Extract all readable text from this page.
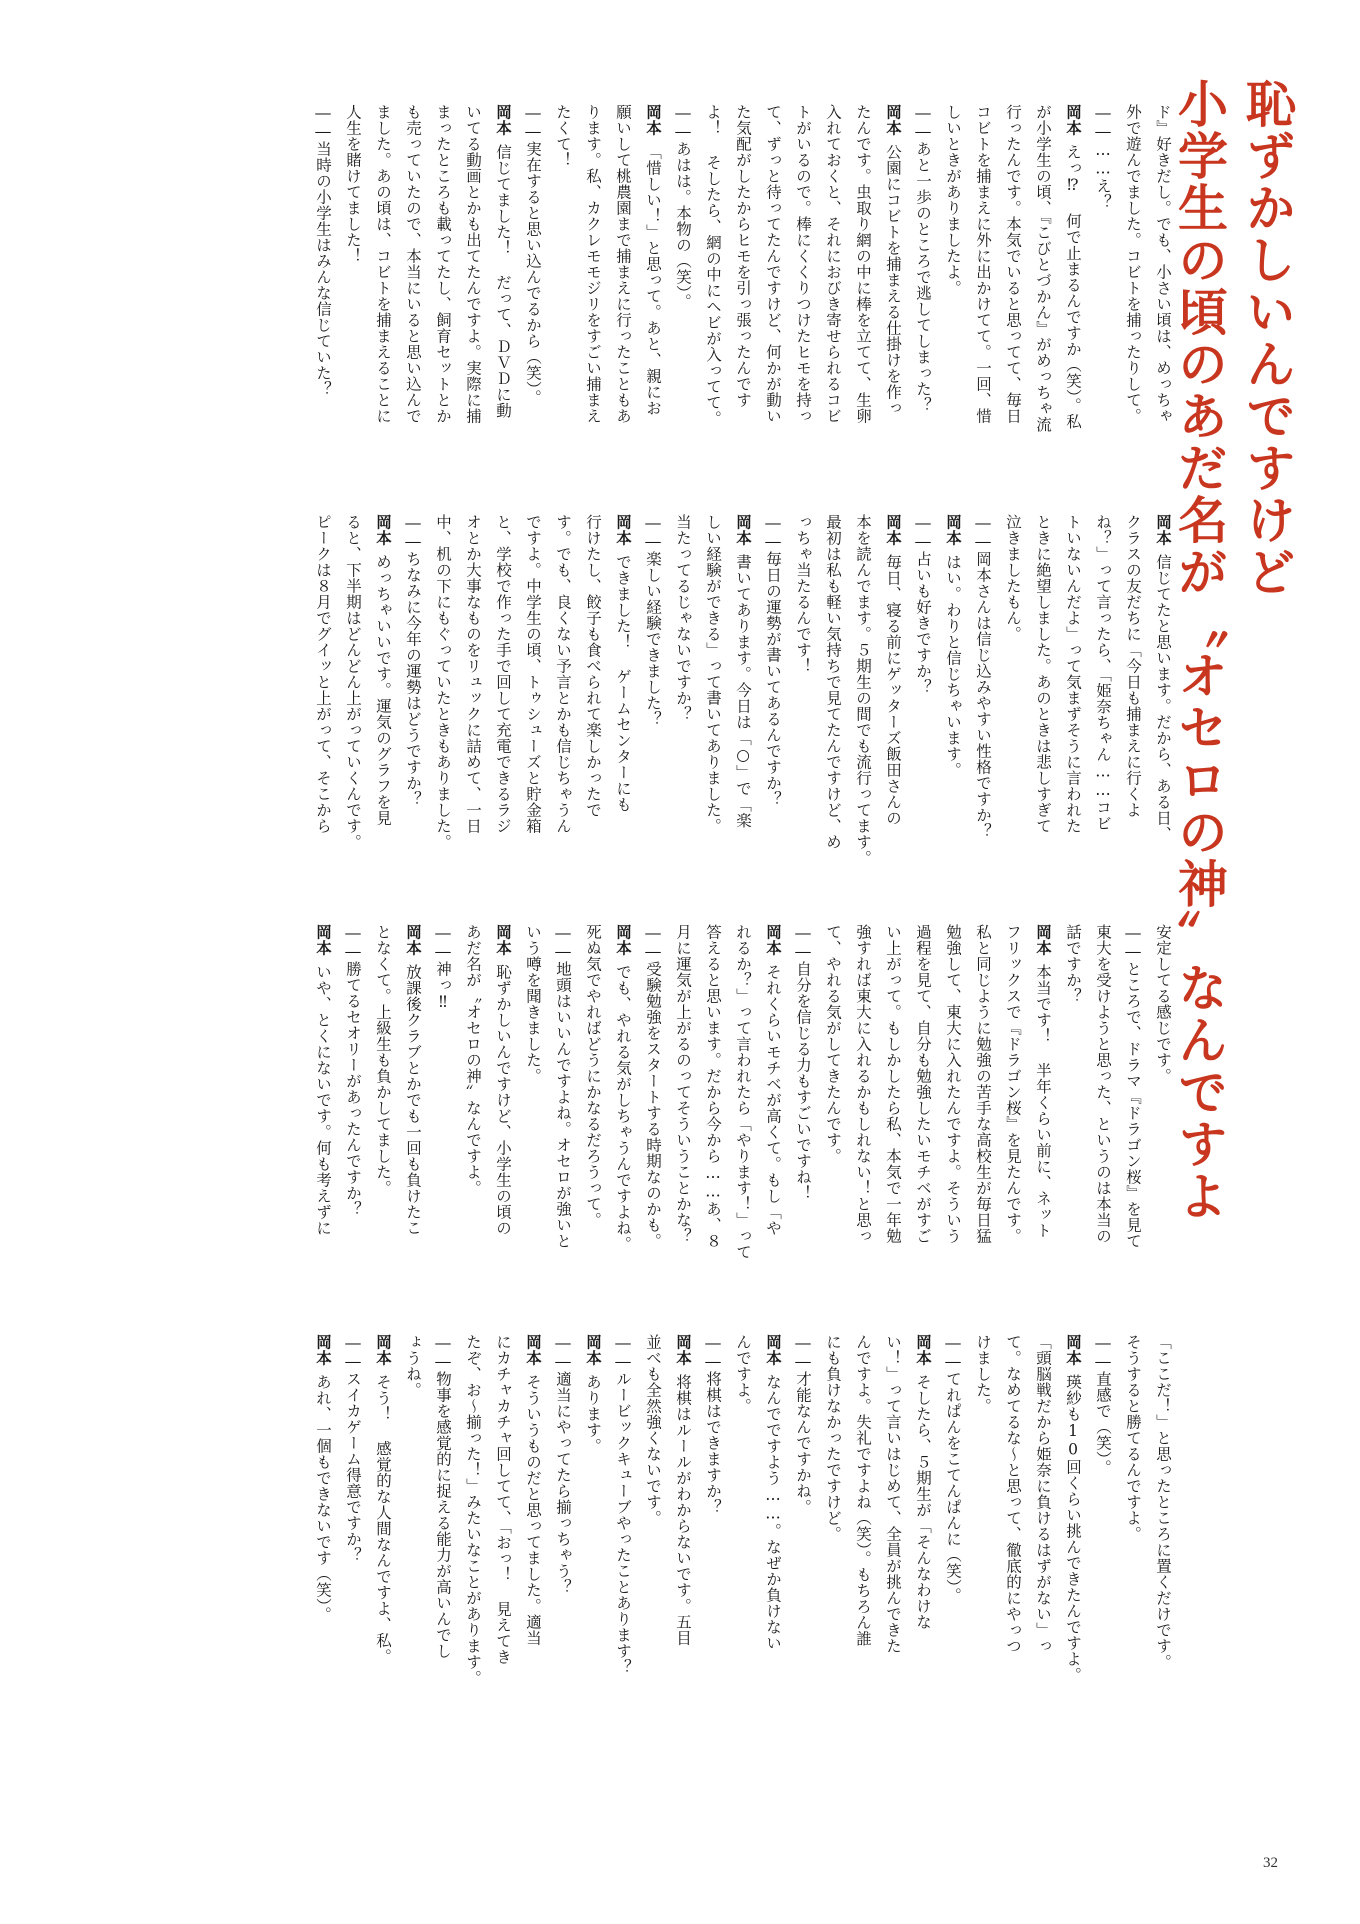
恥ずかしいんですけど
小学生の頃のあだ名が〝オセロの神〟なんですよ
ド』好きだし。でも、小さい頃は、めっちゃ
外で遊んでました。コビトを捕ったりして。
――……え？
岡本えっ⁉ 何で止まるんですか（笑）。私
が小学生の頃、『こびとづかん』がめっちゃ流
行ったんです。本気でいると思ってて、毎日
コビトを捕まえに外に出かけてて。一回、惜
しいときがありましたよ。
――あと一歩のところで逃してしまった？
岡本公園にコビトを捕まえる仕掛けを作っ
たんです。虫取り網の中に棒を立てて、生卵
入れておくと、それにおびき寄せられるコビ
トがいるので。棒にくくりつけたヒモを持っ
て、ずっと待ってたんですけど、何かが動い
た気配がしたからヒモを引っ張ったんです
よ！ そしたら、網の中にヘビが入ってて。
――あはは。本物の（笑）。
岡本「惜しい！」と思って。あと、親にお
願いして桃農園まで捕まえに行ったこともあ
ります。私、カクレモモジリをすごい捕まえ
たくて！
――実在すると思い込んでるから（笑）。
岡本信じてました！ だって、ＤＶＤに動
いてる動画とかも出てたんですよ。実際に捕
まったところも載ってたし、飼育セットとか
も売っていたので、本当にいると思い込んで
ました。あの頃は、コビトを捕まえることに
人生を賭けてました！
――当時の小学生はみんな信じていた？
岡本信じてたと思います。だから、ある日、
クラスの友だちに「今日も捕まえに行くよ
ね？」って言ったら、「姫奈ちゃん……コビ
トいないんだよ」って気まずそうに言われた
ときに絶望しました。あのときは悲しすぎて
泣きましたもん。
――岡本さんは信じ込みやすい性格ですか？
岡本はい。わりと信じちゃいます。
――占いも好きですか？
岡本毎日、寝る前にゲッターズ飯田さんの
本を読んでます。５期生の間でも流行ってます。
最初は私も軽い気持ちで見てたんですけど、め
っちゃ当たるんです！
――毎日の運勢が書いてあるんですか？
岡本書いてあります。今日は「○」で「楽
しい経験ができる」って書いてありました。
当たってるじゃないですか？
――楽しい経験できました？
岡本できました！ ゲームセンターにも
行けたし、餃子も食べられて楽しかったで
す。でも、良くない予言とかも信じちゃうん
ですよ。中学生の頃、トゥシューズと貯金箱
と、学校で作った手で回して充電できるラジ
オとか大事なものをリュックに詰めて、一日
中、机の下にもぐっていたときもありました。
――ちなみに今年の運勢はどうですか？
岡本めっちゃいいです。運気のグラフを見
ると、下半期はどんどん上がっていくんです。
ピークは８月でグイッと上がって、そこから
安定してる感じです。
――ところで、ドラマ『ドラゴン桜』を見て
東大を受けようと思った、というのは本当の
話ですか？
岡本本当です！ 半年くらい前に、ネット
フリックスで『ドラゴン桜』を見たんです。
私と同じように勉強の苦手な高校生が毎日猛
勉強して、東大に入れたんですよ。そういう
過程を見て、自分も勉強したいモチベがすご
い上がって。もしかしたら私、本気で一年勉
強すれば東大に入れるかもしれない！と思っ
て、やれる気がしてきたんです。
――自分を信じる力もすごいですね！
岡本それくらいモチベが高くて。もし「や
れるか？」って言われたら「やります！」って
答えると思います。だから今から……あ、８
月に運気が上がるのってそういうことかな？
――受験勉強をスタートする時期なのかも。
岡本でも、やれる気がしちゃうんですよね。
死ぬ気でやればどうにかなるだろうって。
――地頭はいいんですよね。オセロが強いと
いう噂を聞きました。
岡本恥ずかしいんですけど、小学生の頃の
あだ名が〝オセロの神〟なんですよ。
――神っ‼
岡本放課後クラブとかでも一回も負けたこ
となくて。上級生も負かしてました。
――勝てるセオリーがあったんですか？
岡本いや、とくにないです。何も考えずに
「ここだ！」と思ったところに置くだけです。
そうすると勝てるんですよ。
――直感で（笑）。
岡本瑛紗も10回くらい挑んできたんですよ。
「頭脳戦だから姫奈に負けるはずがない」っ
て。なめてるな〜と思って、徹底的にやっつ
けました。
――てれぱんをこてんぱんに（笑）。
岡本そしたら、５期生が「そんなわけな
い！」って言いはじめて、全員が挑んできた
んですよ。失礼ですよね（笑）。もちろん誰
にも負けなかったですけど。
――才能なんですかね。
岡本なんでですよう……。なぜか負けない
んですよ。
――将棋はできますか？
岡本将棋はルールがわからないです。五目
並べも全然強くないです。
――ルービックキューブやったことあります？
岡本あります。
――適当にやってたら揃っちゃう？
岡本そういうものだと思ってました。適当
にカチャカチャ回してて、「おっ！ 見えてき
たぞ、お〜揃った！」みたいなことがあります。
――物事を感覚的に捉える能力が高いんでし
ょうね。
岡本そう！ 感覚的な人間なんですよ、私。
――スイカゲーム得意ですか？
岡本あれ、一個もできないです（笑）。
32
